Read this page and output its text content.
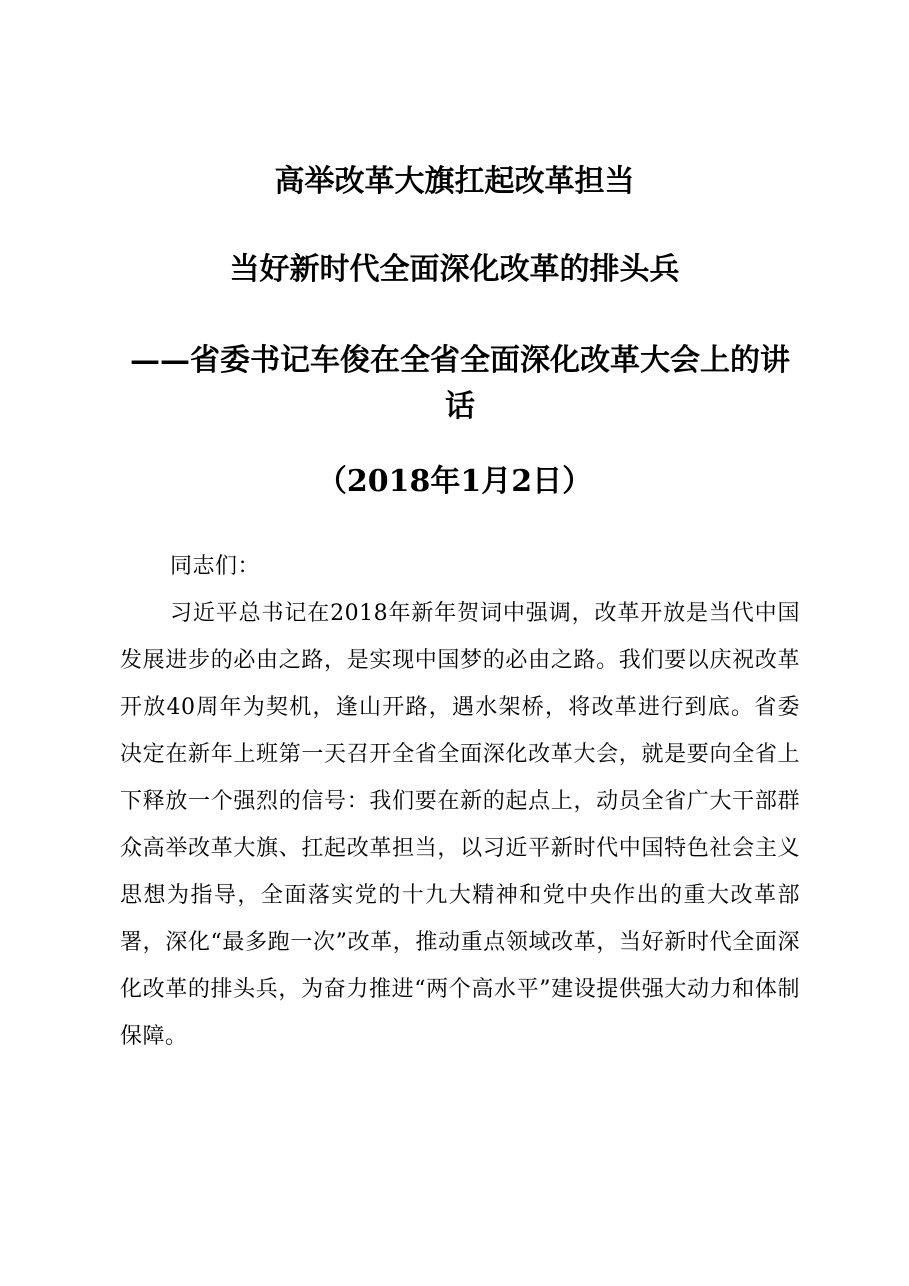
高举改革大旗扛起改革担当
当好新时代全面深化改革的排头兵
——省委书记车俊在全省全面深化改革大会上的讲话
（2018年1月2日）
同志们：
习近平总书记在2018年新年贺词中强调，改革开放是当代中国发展进步的必由之路，是实现中国梦的必由之路。我们要以庆祝改革开放40周年为契机，逢山开路，遇水架桥，将改革进行到底。省委决定在新年上班第一天召开全省全面深化改革大会，就是要向全省上下释放一个强烈的信号：我们要在新的起点上，动员全省广大干部群众高举改革大旗、扛起改革担当，以习近平新时代中国特色社会主义思想为指导，全面落实党的十九大精神和党中央作出的重大改革部署，深化“最多跑一次”改革，推动重点领域改革，当好新时代全面深化改革的排头兵，为奋力推进“两个高水平”建设提供强大动力和体制保障。
